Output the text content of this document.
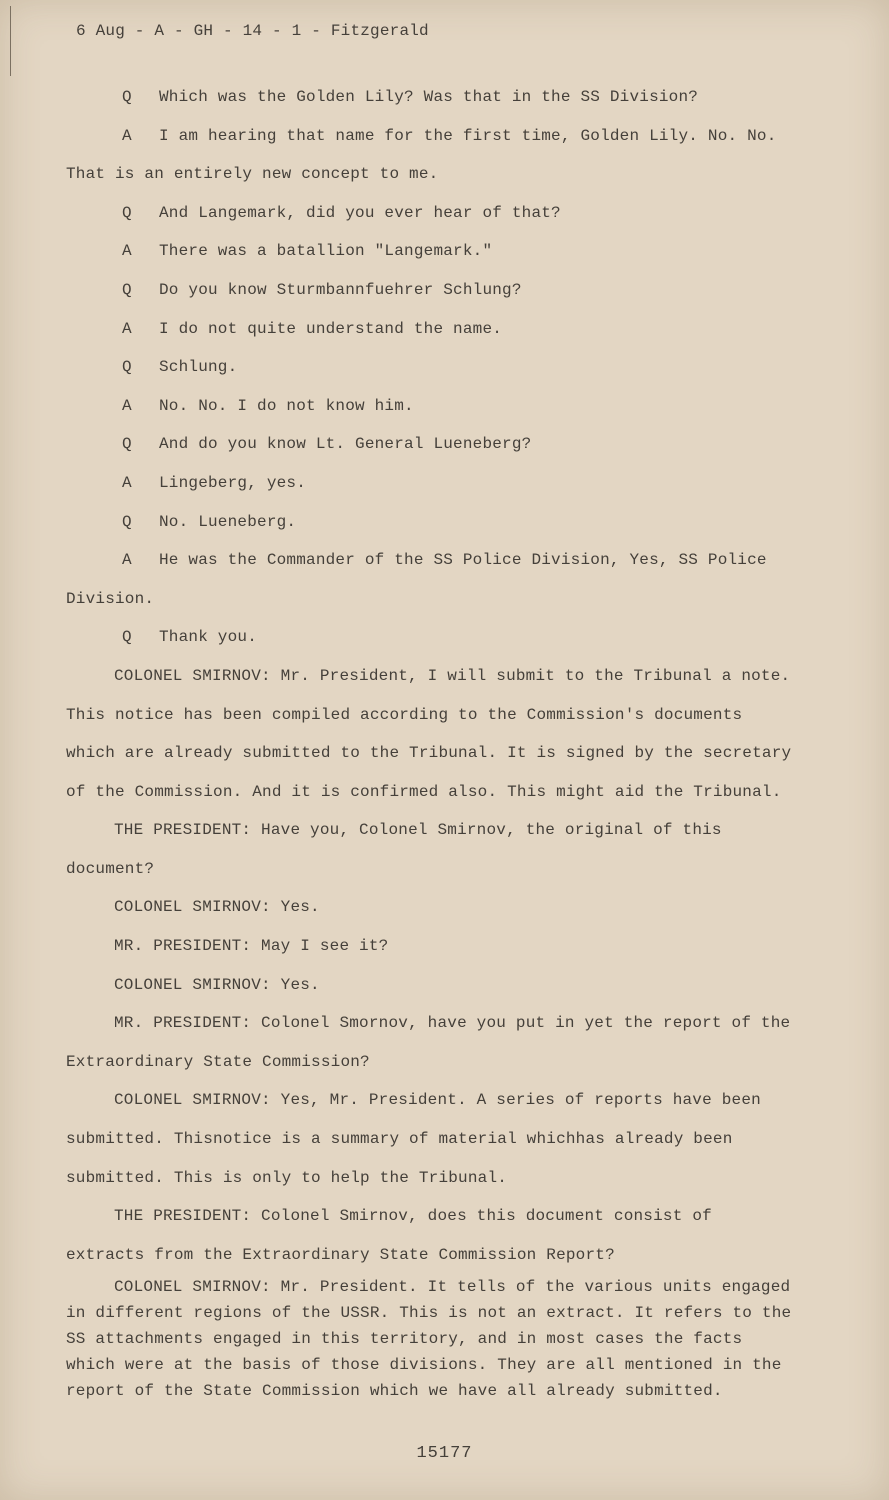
6 Aug - A - GH - 14 - 1 - Fitzgerald

Q Which was the Golden Lily? Was that in the SS Division?

A I am hearing that name for the first time, Golden Lily. No. No. That is an entirely new concept to me.

Q And Langemark, did you ever hear of that?

A There was a batallion "Langemark."

Q Do you know Sturmbannfuehrer Schlung?

A I do not quite understand the name.

Q Schlung.

A No. No. I do not know him.

Q And do you know Lt. General Lueneberg?

A Lingeberg, yes.

Q No. Lueneberg.

A He was the Commander of the SS Police Division, Yes, SS Police Division.

Q Thank you.

COLONEL SMIRNOV: Mr. President, I will submit to the Tribunal a note. This notice has been compiled according to the Commission's documents which are already submitted to the Tribunal. It is signed by the secretary of the Commission. And it is confirmed also. This might aid the Tribunal.

THE PRESIDENT: Have you, Colonel Smirnov, the original of this document?

COLONEL SMIRNOV: Yes.

MR. PRESIDENT: May I see it?

COLONEL SMIRNOV: Yes.

MR. PRESIDENT: Colonel Smornov, have you put in yet the report of the Extraordinary State Commission?

COLONEL SMIRNOV: Yes, Mr. President. A series of reports have been submitted. Thisnotice is a summary of material whichhas already been submitted. This is only to help the Tribunal.

THE PRESIDENT: Colonel Smirnov, does this document consist of extracts from the Extraordinary State Commission Report?

COLONEL SMIRNOV: Mr. President. It tells of the various units engaged in different regions of the USSR. This is not an extract. It refers to the SS attachments engaged in this territory, and in most cases the facts which were at the basis of those divisions. They are all mentioned in the report of the State Commission which we have all already submitted.

15177
